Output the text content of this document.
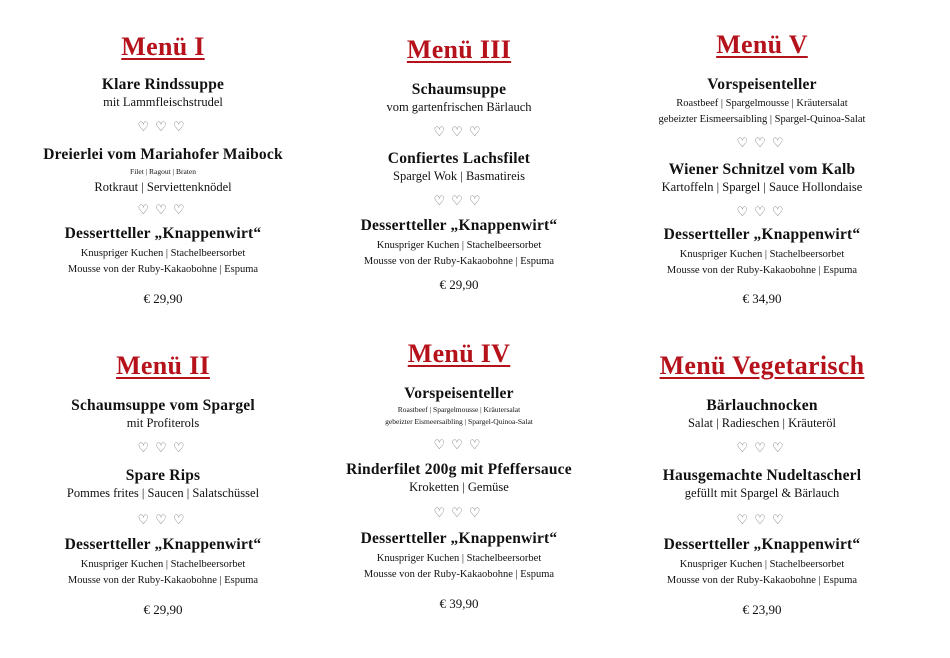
Menü I
Klare Rindssuppe
mit Lammfleischstrudel
♡ ♡ ♡
Dreierlei vom Mariahofer Maibock
Filet | Ragout | Braten
Rotkraut | Serviettenknödel
♡ ♡ ♡
Dessertteller „Knappenwirt“
Knuspriger Kuchen | Stachelbeersorbet
Mousse von der Ruby-Kakaobohne | Espuma
€ 29,90
Menü III
Schaumsuppe
vom gartenfrischen Bärlauch
♡ ♡ ♡
Confiertes Lachsfilet
Spargel Wok | Basmatireis
♡ ♡ ♡
Dessertteller „Knappenwirt“
Knuspriger Kuchen | Stachelbeersorbet
Mousse von der Ruby-Kakaobohne | Espuma
€ 29,90
Menü V
Vorspeisenteller
Roastbeef | Spargelmousse | Kräutersalat
gebeizter Eismeersaibling | Spargel-Quinoa-Salat
♡ ♡ ♡
Wiener Schnitzel vom Kalb
Kartoffeln | Spargel | Sauce Hollondaise
♡ ♡ ♡
Dessertteller „Knappenwirt“
Knuspriger Kuchen | Stachelbeersorbet
Mousse von der Ruby-Kakaobohne | Espuma
€ 34,90
Menü II
Schaumsuppe vom Spargel
mit Profiterols
♡ ♡ ♡
Spare Rips
Pommes frites | Saucen | Salatschüssel
♡ ♡ ♡
Dessertteller „Knappenwirt“
Knuspriger Kuchen | Stachelbeersorbet
Mousse von der Ruby-Kakaobohne | Espuma
€ 29,90
Menü IV
Vorspeisenteller
Roastbeef | Spargelmousse | Kräutersalat
gebeizter Eismeersaibling | Spargel-Quinoa-Salat
♡ ♡ ♡
Rinderfilet 200g mit Pfeffersauce
Kroketten | Gemüse
♡ ♡ ♡
Dessertteller „Knappenwirt“
Knuspriger Kuchen | Stachelbeersorbet
Mousse von der Ruby-Kakaobohne | Espuma
€ 39,90
Menü Vegetarisch
Bärlauchnocken
Salat | Radieschen | Kräuteröl
♡ ♡ ♡
Hausgemachte Nudeltascherl
gefüllt mit Spargel & Bärlauch
♡ ♡ ♡
Dessertteller „Knappenwirt“
Knuspriger Kuchen | Stachelbeersorbet
Mousse von der Ruby-Kakaobohne | Espuma
€ 23,90
